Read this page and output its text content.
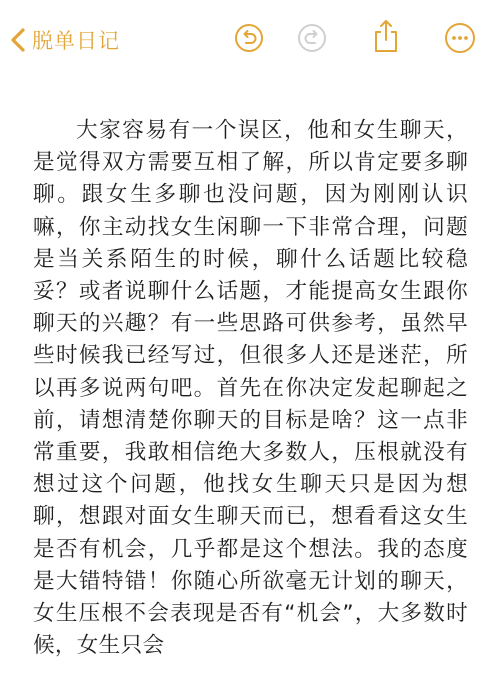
脱单日记

大家容易有一个误区，他和女生聊天，是觉得双方需要互相了解，所以肯定要多聊聊。跟女生多聊也没问题，因为刚刚认识嘛，你主动找女生闲聊一下非常合理，问题是当关系陌生的时候，聊什么话题比较稳妥？或者说聊什么话题，才能提高女生跟你聊天的兴趣？有一些思路可供参考，虽然早些时候我已经写过，但很多人还是迷茫，所以再多说两句吧。首先在你决定发起聊起之前，请想清楚你聊天的目标是啥？这一点非常重要，我敢相信绝大多数人，压根就没有想过这个问题，他找女生聊天只是因为想聊，想跟对面女生聊天而已，想看看这女生是否有机会，几乎都是这个想法。我的态度是大错特错！你随心所欲毫无计划的聊天，女生压根不会表现是否有“机会”，大多数时候，女生只会
